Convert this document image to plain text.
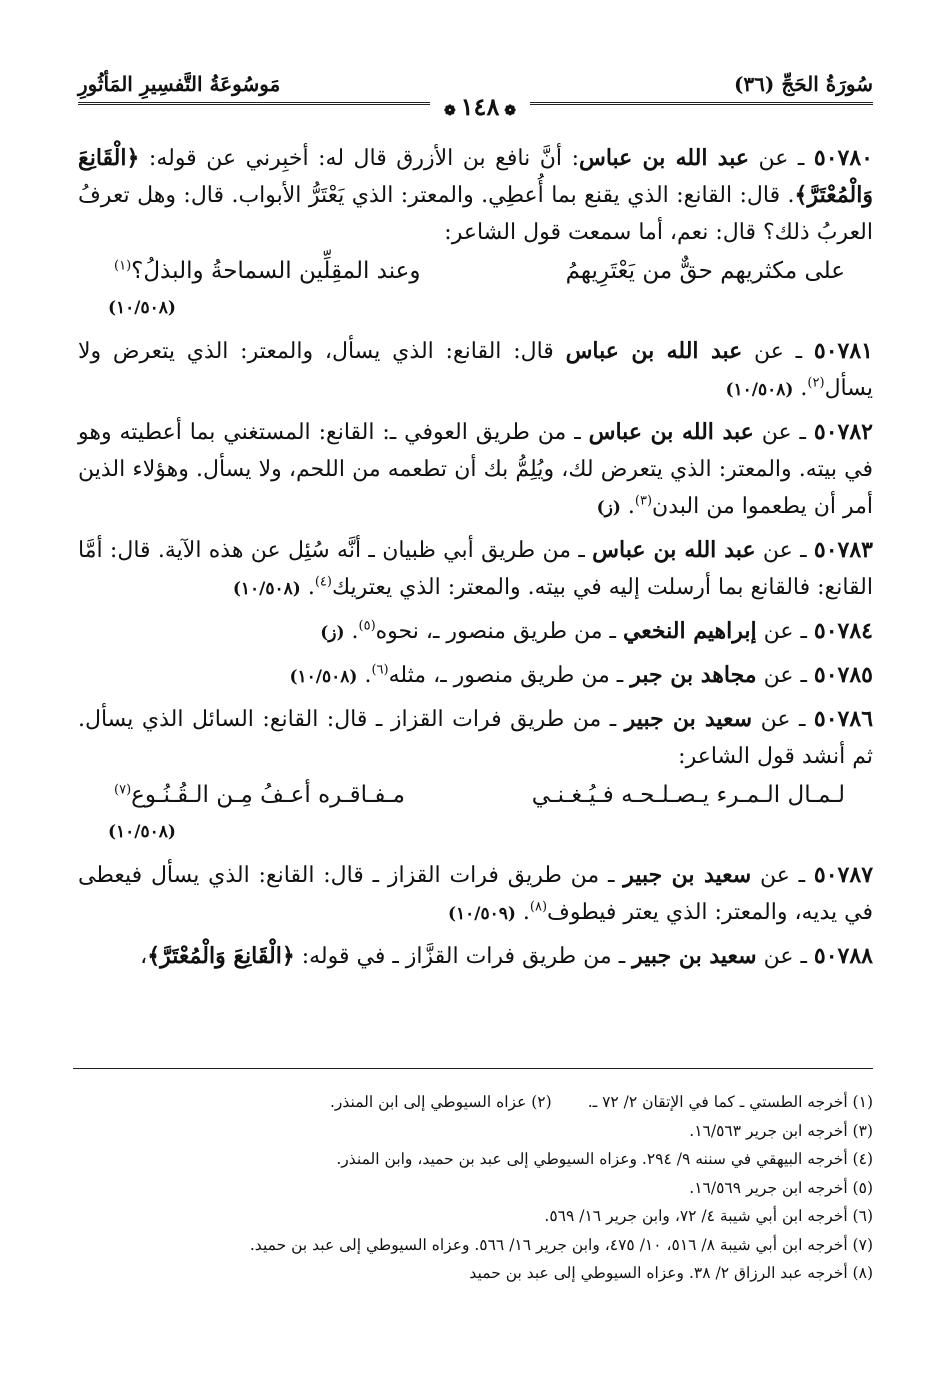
سُورَةُ الحَجِّ (٣٦)
مَوسُوعَةُ التَّفسِيرِ المَأثُورِ
❁ ١٤٨ ❁
٥٠٧٨٠ ـ عن عبد الله بن عباس: أنَّ نافع بن الأزرق قال له: أخبِرني عن قوله: ﴿الْقَانِعَ وَالْمُعْتَرَّ﴾. قال: القانع: الذي يقنع بما أُعطِي. والمعتر: الذي يَعْتَرُّ الأبواب. قال: وهل تعرفُ العربُ ذلك؟ قال: نعم، أما سمعت قول الشاعر:
على مكثريهم حقٌّ من يَعْتَرِيهمُ
وعند المقِلِّين السماحةُ والبذلُ؟$^{(١)}$
(١٠/٥٠٨)
٥٠٧٨١ ـ عن عبد الله بن عباس قال: القانع: الذي يسأل، والمعتر: الذي يتعرض ولا يسأل$^{(٢)}$. (١٠/٥٠٨)
٥٠٧٨٢ ـ عن عبد الله بن عباس ـ من طريق العوفي ـ: القانع: المستغني بما أعطيته وهو في بيته. والمعتر: الذي يتعرض لك، ويُلِمُّ بك أن تطعمه من اللحم، ولا يسأل. وهؤلاء الذين أمر أن يطعموا من البدن$^{(٣)}$. (ز)
٥٠٧٨٣ ـ عن عبد الله بن عباس ـ من طريق أبي ظبيان ـ أنَّه سُئِل عن هذه الآية. قال: أمَّا القانع: فالقانع بما أرسلت إليه في بيته. والمعتر: الذي يعتريك$^{(٤)}$. (١٠/٥٠٨)
٥٠٧٨٤ ـ عن إبراهيم النخعي ـ من طريق منصور ـ، نحوه$^{(٥)}$. (ز)
٥٠٧٨٥ ـ عن مجاهد بن جبر ـ من طريق منصور ـ، مثله$^{(٦)}$. (١٠/٥٠٨)
٥٠٧٨٦ ـ عن سعيد بن جبير ـ من طريق فرات القزاز ـ قال: القانع: السائل الذي يسأل. ثم أنشد قول الشاعر:
لـمـال الـمـرء يـصـلـحـه فـيُـغـنـي
مـفـاقـره أعـفُ مِـن الـقُـنُـوع$^{(٧)}$
(١٠/٥٠٨)
٥٠٧٨٧ ـ عن سعيد بن جبير ـ من طريق فرات القزاز ـ قال: القانع: الذي يسأل فيعطى في يديه، والمعتر: الذي يعتر فيطوف$^{(٨)}$. (١٠/٥٠٩)
٥٠٧٨٨ ـ عن سعيد بن جبير ـ من طريق فرات القزَّاز ـ في قوله: ﴿الْقَانِعَ وَالْمُعْتَرَّ﴾،
(١) أخرجه الطستي ـ كما في الإتقان ٢/ ٧٢ ـ.
(٢) عزاه السيوطي إلى ابن المنذر.
(٣) أخرجه ابن جرير ١٦/٥٦٣.
(٤) أخرجه البيهقي في سننه ٩/ ٢٩٤. وعزاه السيوطي إلى عبد بن حميد، وابن المنذر.
(٥) أخرجه ابن جرير ١٦/٥٦٩.
(٦) أخرجه ابن أبي شيبة ٤/ ٧٢، وابن جرير ١٦/ ٥٦٩.
(٧) أخرجه ابن أبي شيبة ٨/ ٥١٦، ١٠/ ٤٧٥، وابن جرير ١٦/ ٥٦٦. وعزاه السيوطي إلى عبد بن حميد.
(٨) أخرجه عبد الرزاق ٢/ ٣٨. وعزاه السيوطي إلى عبد بن حميد
